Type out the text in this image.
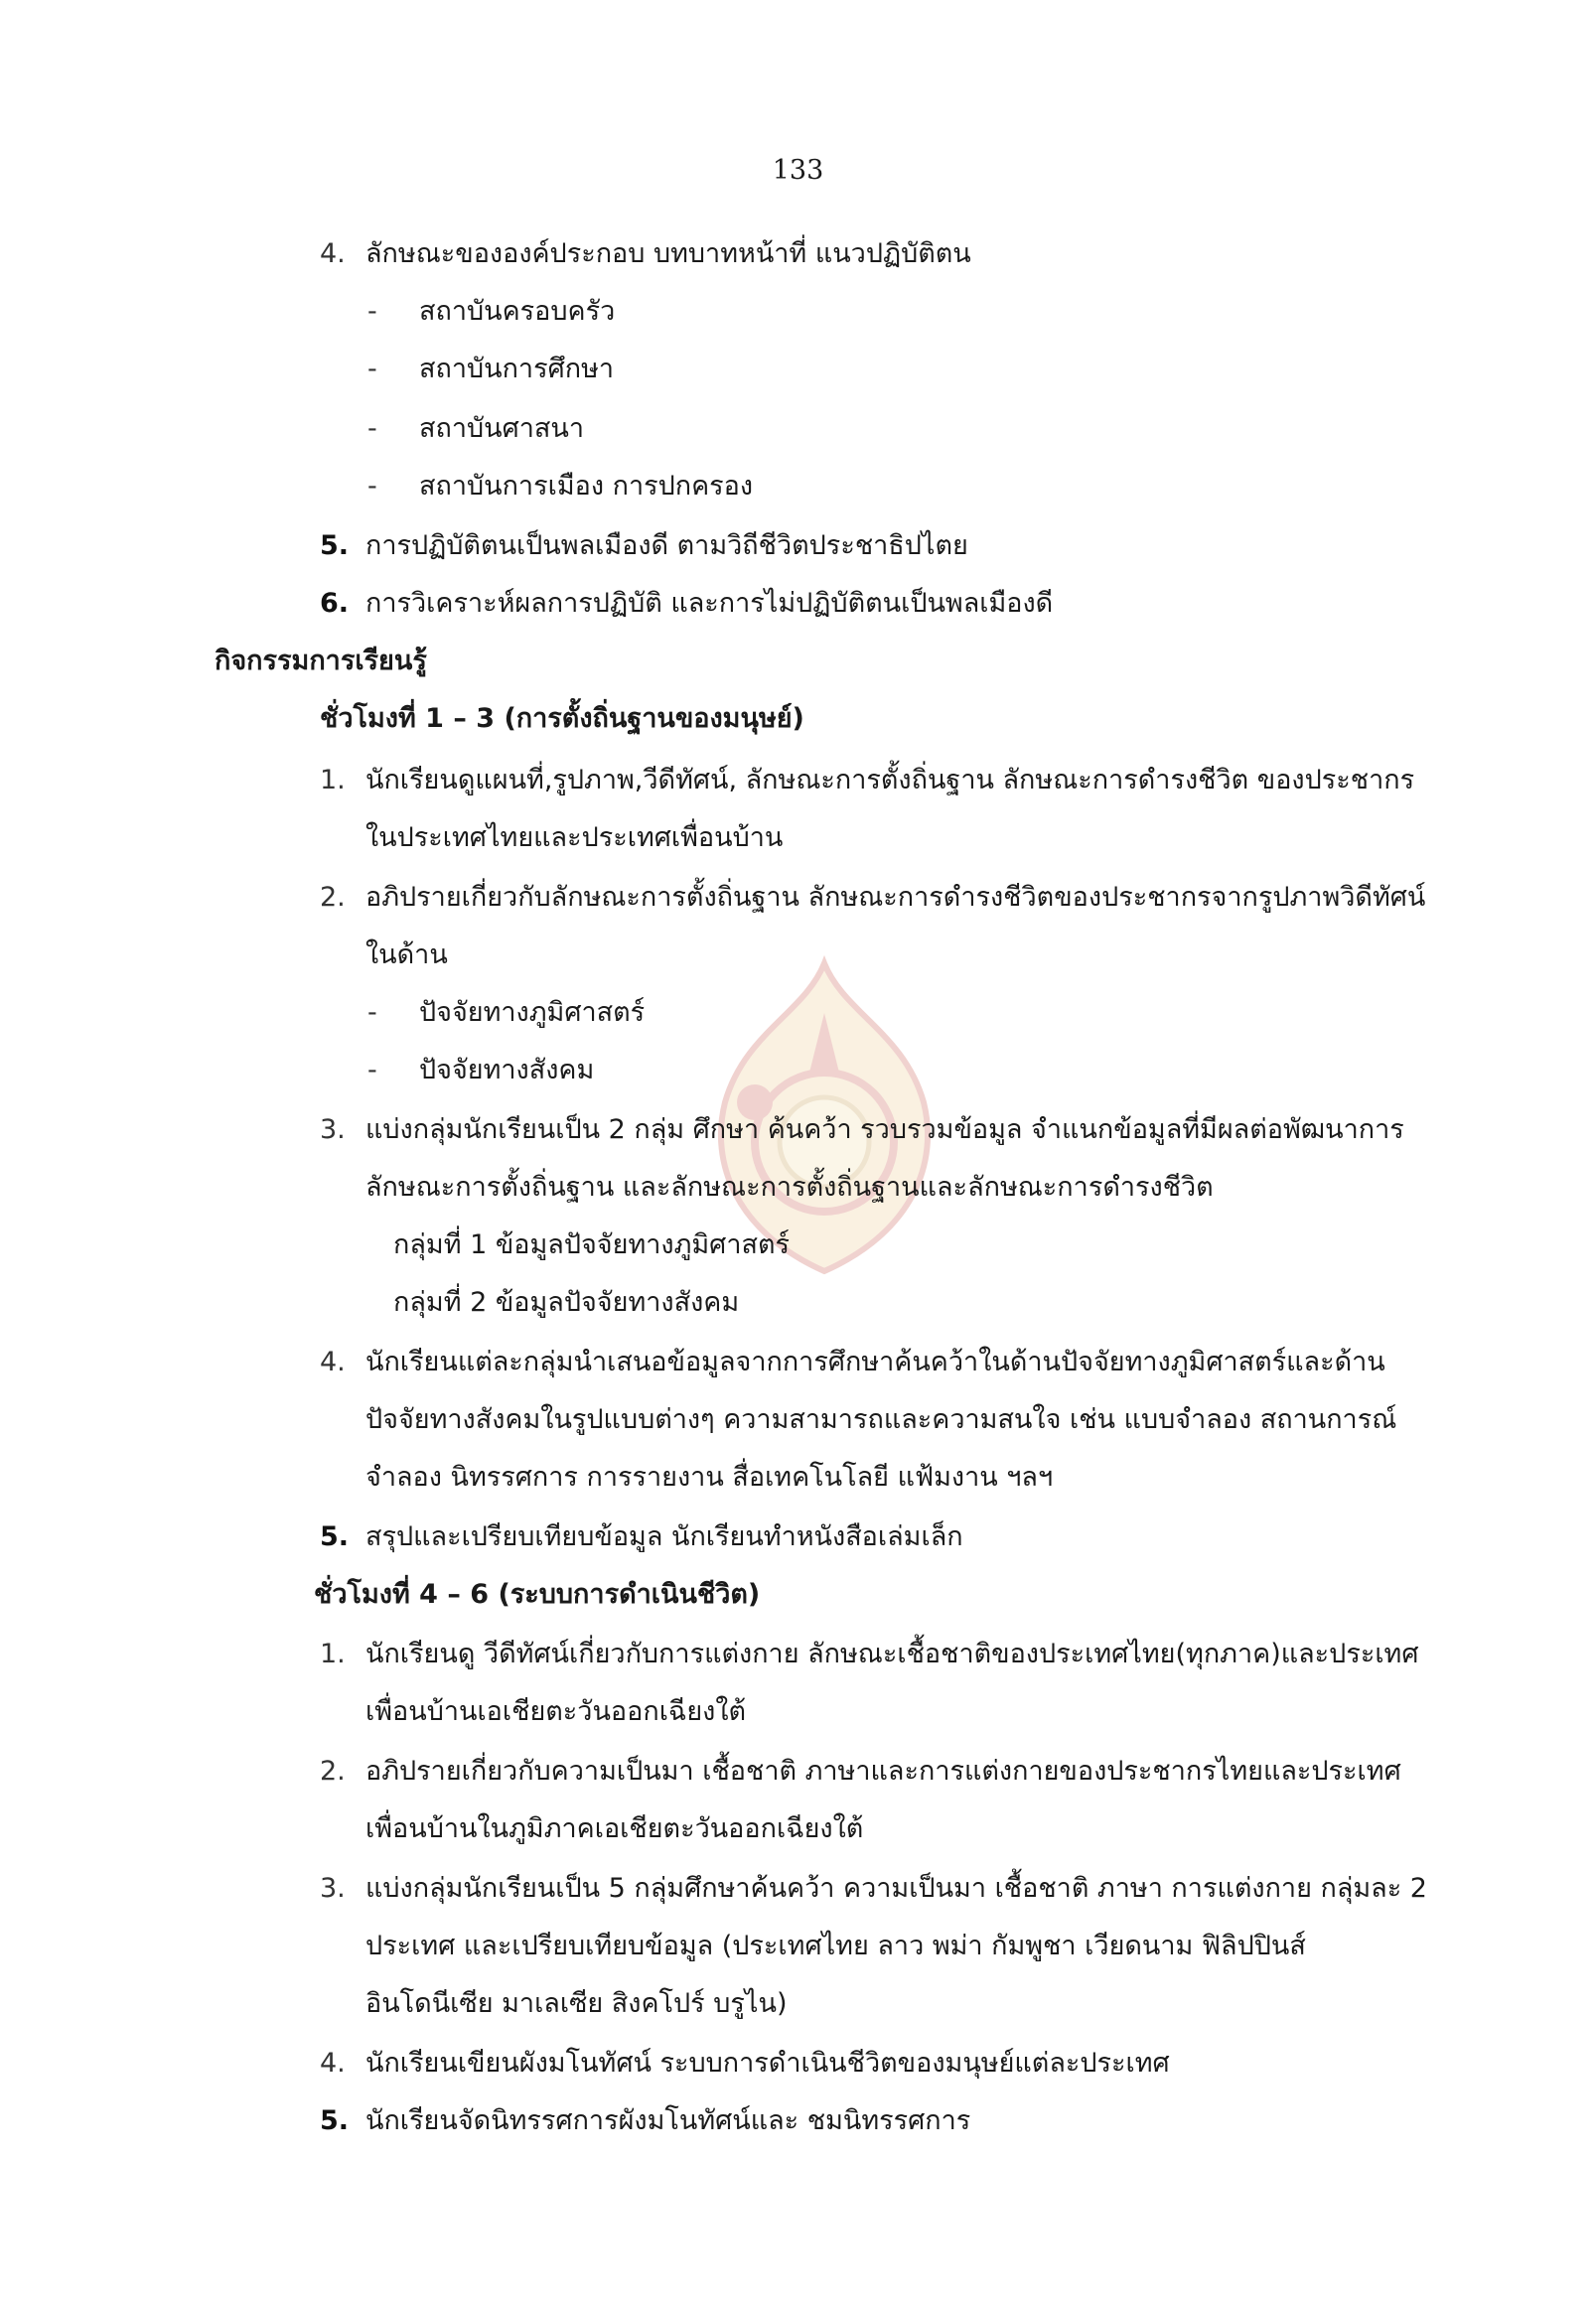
133
4. ลักษณะขององค์ประกอบ บทบาทหน้าที่ แนวปฏิบัติตน
- สถาบันครอบครัว
- สถาบันการศึกษา
- สถาบันศาสนา
- สถาบันการเมือง การปกครอง
5. การปฏิบัติตนเป็นพลเมืองดี ตามวิถีชีวิตประชาธิปไตย
6. การวิเคราะห์ผลการปฏิบัติ และการไม่ปฏิบัติตนเป็นพลเมืองดี
กิจกรรมการเรียนรู้
ชั่วโมงที่ 1 – 3 (การตั้งถิ่นฐานของมนุษย์)
1. นักเรียนดูแผนที่,รูปภาพ,วีดีทัศน์, ลักษณะการตั้งถิ่นฐาน ลักษณะการดำรงชีวิต ของประชากร
ในประเทศไทยและประเทศเพื่อนบ้าน
2. อภิปรายเกี่ยวกับลักษณะการตั้งถิ่นฐาน ลักษณะการดำรงชีวิตของประชากรจากรูปภาพวิดีทัศน์
ในด้าน
- ปัจจัยทางภูมิศาสตร์
- ปัจจัยทางสังคม
3. แบ่งกลุ่มนักเรียนเป็น 2 กลุ่ม ศึกษา ค้นคว้า รวบรวมข้อมูล จำแนกข้อมูลที่มีผลต่อพัฒนาการ
ลักษณะการตั้งถิ่นฐาน และลักษณะการตั้งถิ่นฐานและลักษณะการดำรงชีวิต
กลุ่มที่ 1 ข้อมูลปัจจัยทางภูมิศาสตร์
กลุ่มที่ 2 ข้อมูลปัจจัยทางสังคม
4. นักเรียนแต่ละกลุ่มนำเสนอข้อมูลจากการศึกษาค้นคว้าในด้านปัจจัยทางภูมิศาสตร์และด้าน
ปัจจัยทางสังคมในรูปแบบต่างๆ ความสามารถและความสนใจ เช่น แบบจำลอง สถานการณ์
จำลอง นิทรรศการ การรายงาน สื่อเทคโนโลยี แฟ้มงาน ฯลฯ
5. สรุปและเปรียบเทียบข้อมูล นักเรียนทำหนังสือเล่มเล็ก
ชั่วโมงที่ 4 – 6 (ระบบการดำเนินชีวิต)
1. นักเรียนดู วีดีทัศน์เกี่ยวกับการแต่งกาย ลักษณะเชื้อชาติของประเทศไทย(ทุกภาค)และประเทศ
เพื่อนบ้านเอเชียตะวันออกเฉียงใต้
2. อภิปรายเกี่ยวกับความเป็นมา เชื้อชาติ ภาษาและการแต่งกายของประชากรไทยและประเทศ
เพื่อนบ้านในภูมิภาคเอเชียตะวันออกเฉียงใต้
3. แบ่งกลุ่มนักเรียนเป็น 5 กลุ่มศึกษาค้นคว้า ความเป็นมา เชื้อชาติ ภาษา การแต่งกาย กลุ่มละ 2
ประเทศ และเปรียบเทียบข้อมูล (ประเทศไทย ลาว พม่า กัมพูชา เวียดนาม ฟิลิปปินส์
อินโดนีเซีย มาเลเซีย สิงคโปร์ บรูไน)
4. นักเรียนเขียนผังมโนทัศน์ ระบบการดำเนินชีวิตของมนุษย์แต่ละประเทศ
5. นักเรียนจัดนิทรรศการผังมโนทัศน์และ ชมนิทรรศการ
